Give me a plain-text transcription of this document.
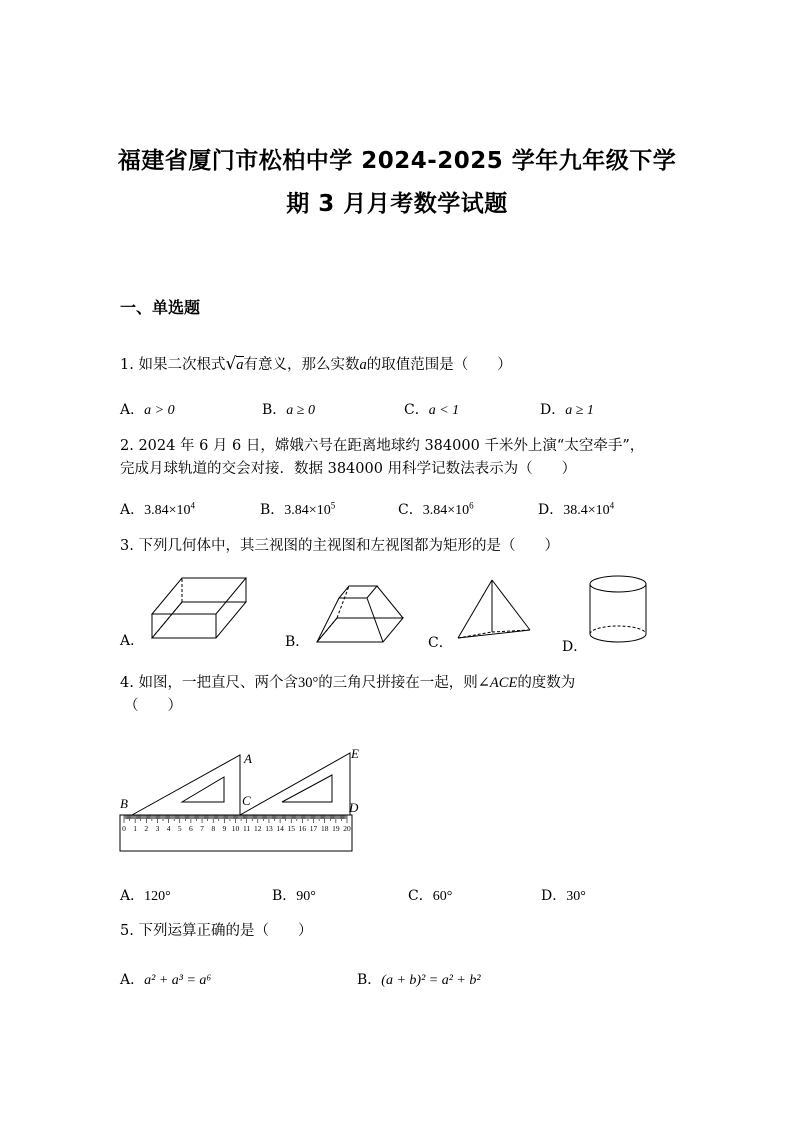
福建省厦门市松柏中学 2024-2025 学年九年级下学
期 3 月月考数学试题
一、单选题
1. 如果二次根式√a有意义，那么实数a的取值范围是（　　）
A．a > 0	B．a ≥ 0	C．a < 1	D．a ≥ 1
2. 2024 年 6 月 6 日，嫦娥六号在距离地球约 384000 千米外上演“太空牵手”，
完成月球轨道的交会对接．数据 384000 用科学记数法表示为（　　）
A．$3.84\times 10^4$	B．$3.84\times 10^5$	C．$3.84\times 10^6$	D．$38.4\times 10^4$
3. 下列几何体中，其三视图的主视图和左视图都为矩形的是（　　）
A．	B．	C．	D．
4. 如图，一把直尺、两个含30°的三角尺拼接在一起，则∠ACE的度数为
（　　）
0 1 2 3 4 5 6 7 8 9 10 11 12 13 14 15 16 17 18 19 20
A
B	C	D
E
A．120°	B．90°	C．60°	D．30°
5. 下列运算正确的是（　　）
A．a² + a³ = a⁶	B．(a + b)² = a² + b²
